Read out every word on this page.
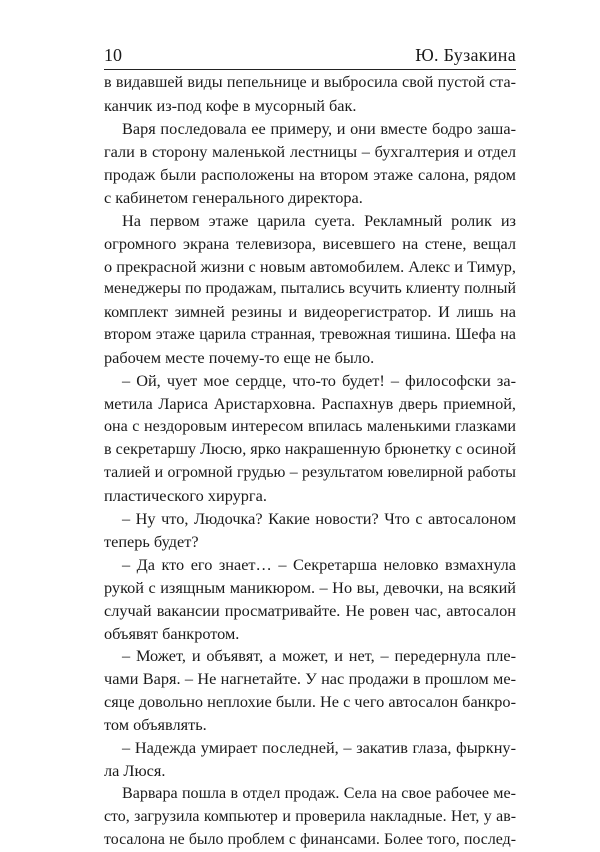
10	Ю. Бузакина
в видавшей виды пепельнице и выбросила свой пустой ста-
канчик из-под кофе в мусорный бак.
Варя последовала ее примеру, и они вместе бодро зашa-
гали в сторону маленькой лестницы – бухгалтерия и отдел
продаж были расположены на втором этаже салона, рядом
с кабинетом генерального директора.
На первом этаже царила суета. Рекламный ролик из
огромного экрана телевизора, висевшего на стене, вещал
о прекрасной жизни с новым автомобилем. Алекс и Тимур,
менеджеры по продажам, пытались всучить клиенту полный
комплект зимней резины и видеорегистратор. И лишь на
втором этаже царила странная, тревожная тишина. Шефа на
рабочем месте почему-то еще не было.
– Ой, чует мое сердце, что-то будет! – философски за-
метила Лариса Аристарховна. Распахнув дверь приемной,
она с нездоровым интересом впилась маленькими глазками
в секретаршу Люсю, ярко накрашенную брюнетку с осиной
талией и огромной грудью – результатом ювелирной работы
пластического хирурга.
– Ну что, Людочка? Какие новости? Что с автосалоном
теперь будет?
– Да кто его знает… – Секретарша неловко взмахнула
рукой с изящным маникюром. – Но вы, девочки, на всякий
случай вакансии просматривайте. Не ровен час, автосалон
объявят банкротом.
– Может, и объявят, а может, и нет, – передернула пле-
чами Варя. – Не нагнетайте. У нас продажи в прошлом ме-
сяце довольно неплохие были. Не с чего автосалон банкро-
том объявлять.
– Надежда умирает последней, – закатив глаза, фыркну-
ла Люся.
Варвара пошла в отдел продаж. Села на свое рабочее ме-
сто, загрузила компьютер и проверила накладные. Нет, у ав-
тосалона не было проблем с финансами. Более того, послед-
